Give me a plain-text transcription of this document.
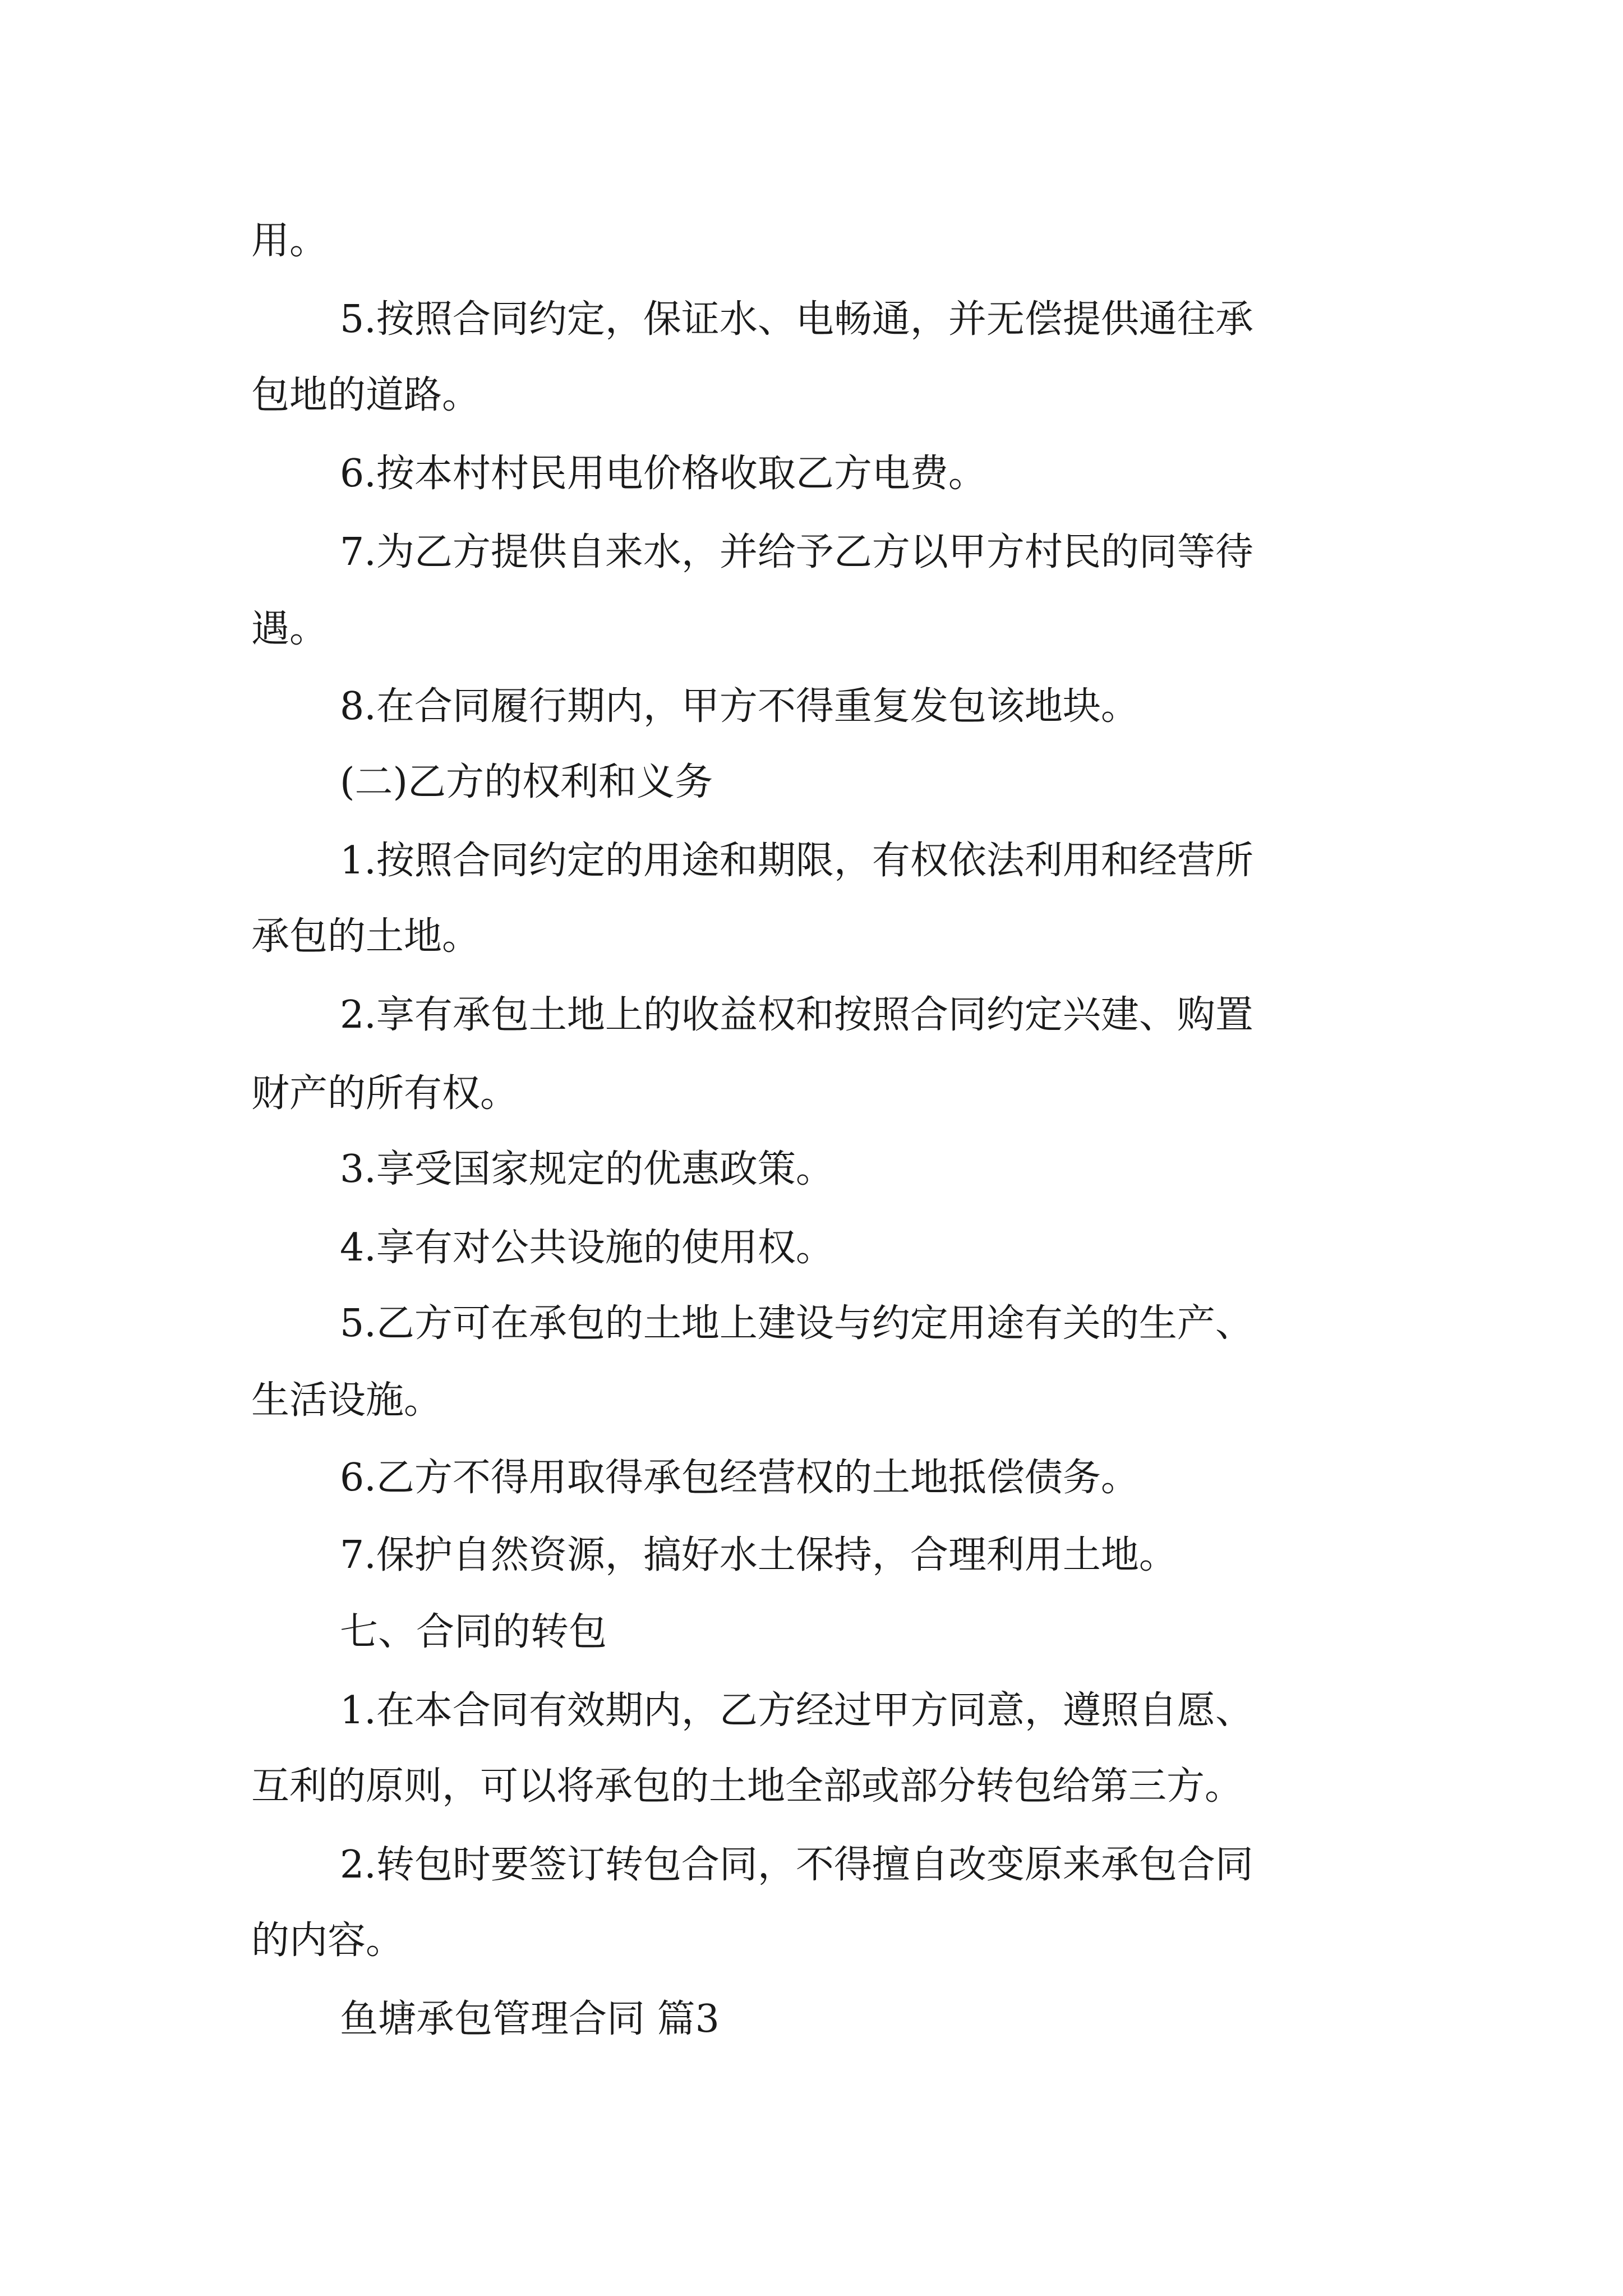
用。
5.按照合同约定，保证水、电畅通，并无偿提供通往承
包地的道路。
6.按本村村民用电价格收取乙方电费。
7.为乙方提供自来水，并给予乙方以甲方村民的同等待
遇。
8.在合同履行期内，甲方不得重复发包该地块。
(二)乙方的权利和义务
1.按照合同约定的用途和期限，有权依法利用和经营所
承包的土地。
2.享有承包土地上的收益权和按照合同约定兴建、购置
财产的所有权。
3.享受国家规定的优惠政策。
4.享有对公共设施的使用权。
5.乙方可在承包的土地上建设与约定用途有关的生产、
生活设施。
6.乙方不得用取得承包经营权的土地抵偿债务。
7.保护自然资源，搞好水土保持，合理利用土地。
七、合同的转包
1.在本合同有效期内，乙方经过甲方同意，遵照自愿、
互利的原则，可以将承包的土地全部或部分转包给第三方。
2.转包时要签订转包合同，不得擅自改变原来承包合同
的内容。
鱼塘承包管理合同 篇3
